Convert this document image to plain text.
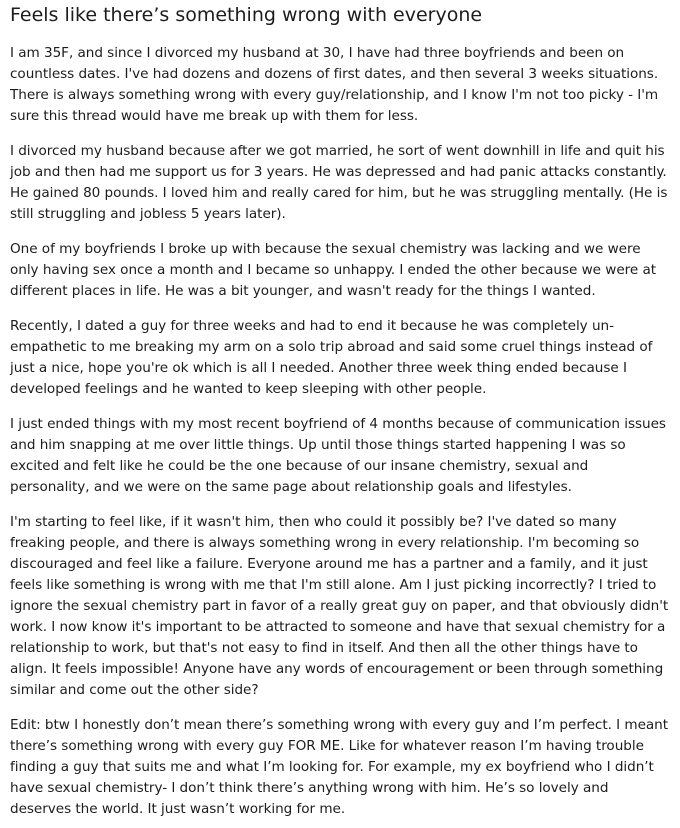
Feels like there’s something wrong with everyone

I am 35F, and since I divorced my husband at 30, I have had three boyfriends and been on countless dates. I've had dozens and dozens of first dates, and then several 3 weeks situations. There is always something wrong with every guy/relationship, and I know I'm not too picky - I'm sure this thread would have me break up with them for less.

I divorced my husband because after we got married, he sort of went downhill in life and quit his job and then had me support us for 3 years. He was depressed and had panic attacks constantly. He gained 80 pounds. I loved him and really cared for him, but he was struggling mentally. (He is still struggling and jobless 5 years later).

One of my boyfriends I broke up with because the sexual chemistry was lacking and we were only having sex once a month and I became so unhappy. I ended the other because we were at different places in life. He was a bit younger, and wasn't ready for the things I wanted.

Recently, I dated a guy for three weeks and had to end it because he was completely un-empathetic to me breaking my arm on a solo trip abroad and said some cruel things instead of just a nice, hope you're ok which is all I needed. Another three week thing ended because I developed feelings and he wanted to keep sleeping with other people.

I just ended things with my most recent boyfriend of 4 months because of communication issues and him snapping at me over little things. Up until those things started happening I was so excited and felt like he could be the one because of our insane chemistry, sexual and personality, and we were on the same page about relationship goals and lifestyles.

I'm starting to feel like, if it wasn't him, then who could it possibly be? I've dated so many freaking people, and there is always something wrong in every relationship. I'm becoming so discouraged and feel like a failure. Everyone around me has a partner and a family, and it just feels like something is wrong with me that I'm still alone. Am I just picking incorrectly? I tried to ignore the sexual chemistry part in favor of a really great guy on paper, and that obviously didn't work. I now know it's important to be attracted to someone and have that sexual chemistry for a relationship to work, but that's not easy to find in itself. And then all the other things have to align. It feels impossible! Anyone have any words of encouragement or been through something similar and come out the other side?

Edit: btw I honestly don’t mean there’s something wrong with every guy and I’m perfect. I meant there’s something wrong with every guy FOR ME. Like for whatever reason I’m having trouble finding a guy that suits me and what I’m looking for. For example, my ex boyfriend who I didn’t have sexual chemistry- I don’t think there’s anything wrong with him. He’s so lovely and deserves the world. It just wasn’t working for me.
